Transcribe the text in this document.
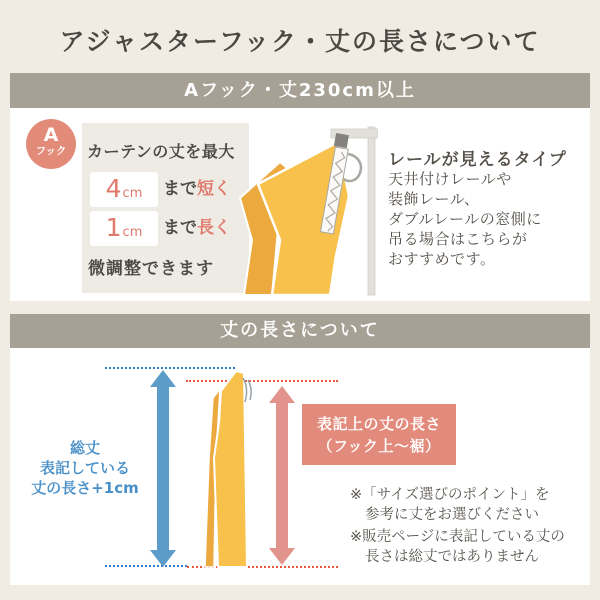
アジャスターフック・丈の長さについて
Aフック・丈230cm以上
A
フック	カーテンの丈を最大
4 cm まで短く
1 cm まで長く
微調整できます
レールが見えるタイプ
天井付けレールや
装飾レール、
ダブルレールの窓側に
吊る場合はこちらが
おすすめです。
丈の長さについて
総丈
表記している
丈の長さ+1cm
表記上の丈の長さ
（フック上～裾）
※「サイズ選びのポイント」を
参考に丈をお選びください
※販売ページに表記している丈の
長さは総丈ではありません
